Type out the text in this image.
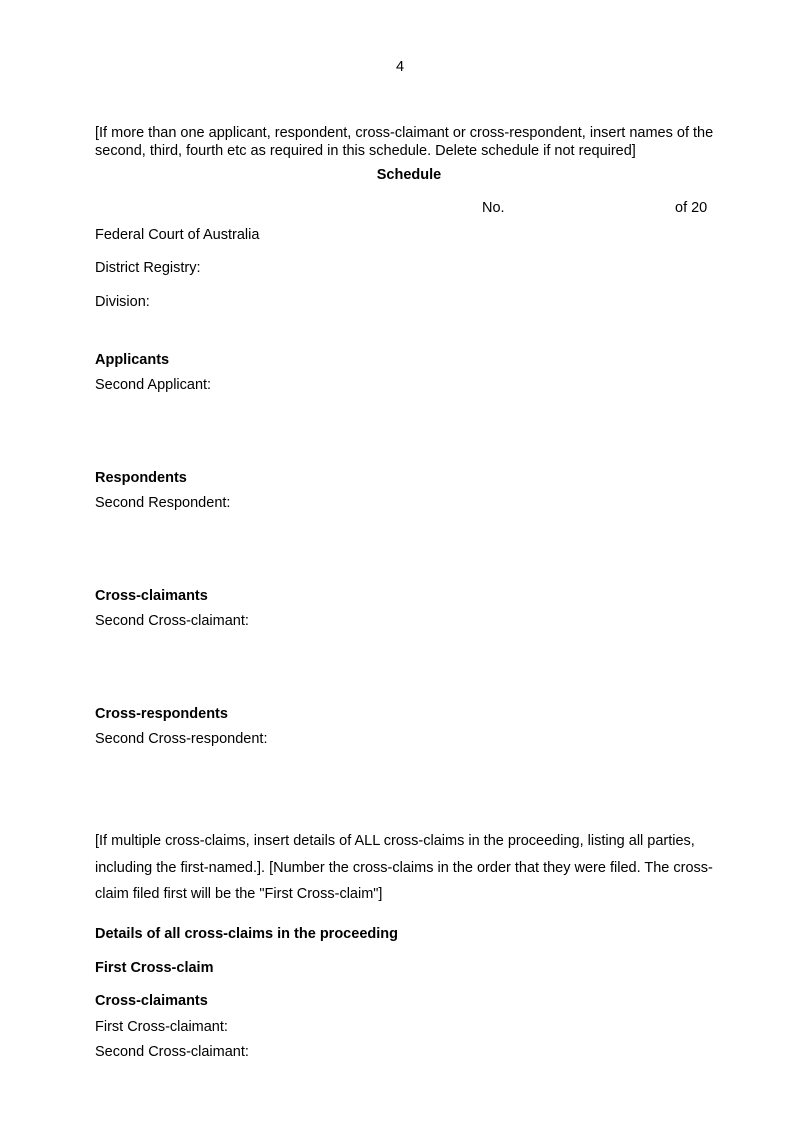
4
[If more than one applicant, respondent, cross-claimant or cross-respondent, insert names of the second, third, fourth etc as required in this schedule. Delete schedule if not required]
Schedule
No.	of 20
Federal Court of Australia
District Registry:
Division:
Applicants
Second Applicant:
Respondents
Second Respondent:
Cross-claimants
Second Cross-claimant:
Cross-respondents
Second Cross-respondent:
[If multiple cross-claims, insert details of ALL cross-claims in the proceeding, listing all parties, including the first-named.]. [Number the cross-claims in the order that they were filed. The cross-claim filed first will be the "First Cross-claim"]
Details of all cross-claims in the proceeding
First Cross-claim
Cross-claimants
First Cross-claimant:
Second Cross-claimant:
